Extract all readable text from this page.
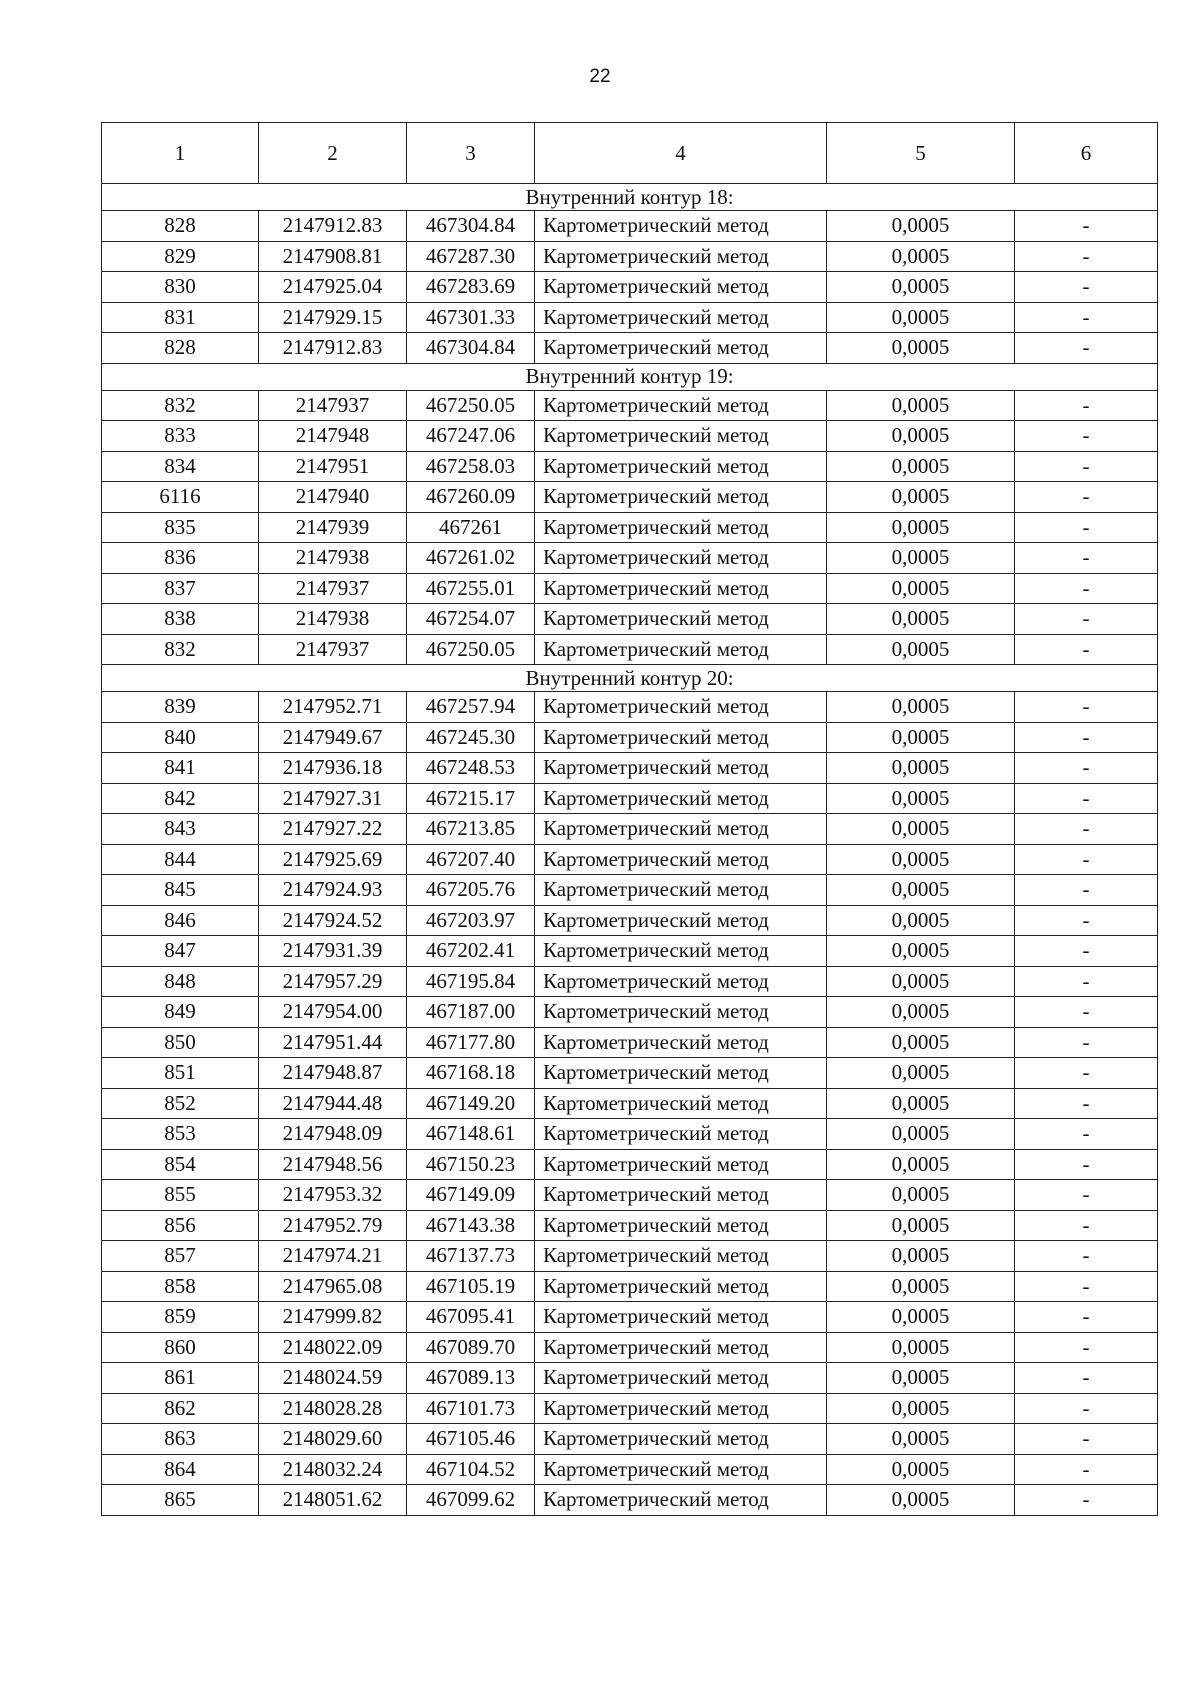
22
1	2	3	4	5	6
Внутренний контур 18:					
828	2147912.83	467304.84	Картометрический метод	0,0005	-
829	2147908.81	467287.30	Картометрический метод	0,0005	-
830	2147925.04	467283.69	Картометрический метод	0,0005	-
831	2147929.15	467301.33	Картометрический метод	0,0005	-
828	2147912.83	467304.84	Картометрический метод	0,0005	-
Внутренний контур 19:					
832	2147937	467250.05	Картометрический метод	0,0005	-
833	2147948	467247.06	Картометрический метод	0,0005	-
834	2147951	467258.03	Картометрический метод	0,0005	-
6116	2147940	467260.09	Картометрический метод	0,0005	-
835	2147939	467261	Картометрический метод	0,0005	-
836	2147938	467261.02	Картометрический метод	0,0005	-
837	2147937	467255.01	Картометрический метод	0,0005	-
838	2147938	467254.07	Картометрический метод	0,0005	-
832	2147937	467250.05	Картометрический метод	0,0005	-
Внутренний контур 20:					
839	2147952.71	467257.94	Картометрический метод	0,0005	-
840	2147949.67	467245.30	Картометрический метод	0,0005	-
841	2147936.18	467248.53	Картометрический метод	0,0005	-
842	2147927.31	467215.17	Картометрический метод	0,0005	-
843	2147927.22	467213.85	Картометрический метод	0,0005	-
844	2147925.69	467207.40	Картометрический метод	0,0005	-
845	2147924.93	467205.76	Картометрический метод	0,0005	-
846	2147924.52	467203.97	Картометрический метод	0,0005	-
847	2147931.39	467202.41	Картометрический метод	0,0005	-
848	2147957.29	467195.84	Картометрический метод	0,0005	-
849	2147954.00	467187.00	Картометрический метод	0,0005	-
850	2147951.44	467177.80	Картометрический метод	0,0005	-
851	2147948.87	467168.18	Картометрический метод	0,0005	-
852	2147944.48	467149.20	Картометрический метод	0,0005	-
853	2147948.09	467148.61	Картометрический метод	0,0005	-
854	2147948.56	467150.23	Картометрический метод	0,0005	-
855	2147953.32	467149.09	Картометрический метод	0,0005	-
856	2147952.79	467143.38	Картометрический метод	0,0005	-
857	2147974.21	467137.73	Картометрический метод	0,0005	-
858	2147965.08	467105.19	Картометрический метод	0,0005	-
859	2147999.82	467095.41	Картометрический метод	0,0005	-
860	2148022.09	467089.70	Картометрический метод	0,0005	-
861	2148024.59	467089.13	Картометрический метод	0,0005	-
862	2148028.28	467101.73	Картометрический метод	0,0005	-
863	2148029.60	467105.46	Картометрический метод	0,0005	-
864	2148032.24	467104.52	Картометрический метод	0,0005	-
865	2148051.62	467099.62	Картометрический метод	0,0005	-
